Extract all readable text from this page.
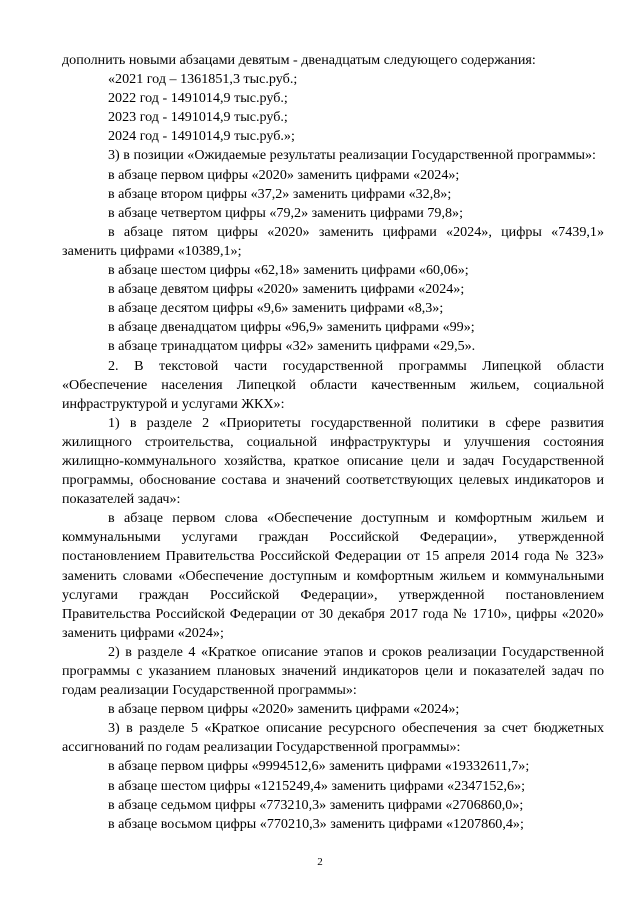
дополнить новыми абзацами девятым - двенадцатым следующего содержания:

«2021 год – 1361851,3 тыс.руб.;

2022 год - 1491014,9 тыс.руб.;

2023 год - 1491014,9 тыс.руб.;

2024 год - 1491014,9 тыс.руб.»;

3) в позиции «Ожидаемые результаты реализации Государственной программы»:

в абзаце первом цифры «2020» заменить цифрами «2024»;

в абзаце втором цифры «37,2» заменить цифрами «32,8»;

в абзаце четвертом цифры «79,2» заменить цифрами 79,8»;

в абзаце пятом цифры «2020» заменить цифрами «2024», цифры «7439,1» заменить цифрами «10389,1»;

в абзаце шестом цифры «62,18» заменить цифрами «60,06»;

в абзаце девятом цифры «2020» заменить цифрами «2024»;

в абзаце десятом цифры «9,6» заменить цифрами «8,3»;

в абзаце двенадцатом цифры «96,9» заменить цифрами «99»;

в абзаце тринадцатом цифры «32» заменить цифрами «29,5».

2. В текстовой части государственной программы Липецкой области «Обеспечение населения Липецкой области качественным жильем, социальной инфраструктурой и услугами ЖКХ»:

1) в разделе 2 «Приоритеты государственной политики в сфере развития жилищного строительства, социальной инфраструктуры и улучшения состояния жилищно-коммунального хозяйства, краткое описание цели и задач Государственной программы, обоснование состава и значений соответствующих целевых индикаторов и показателей задач»:

в абзаце первом слова «Обеспечение доступным и комфортным жильем и коммунальными услугами граждан Российской Федерации», утвержденной постановлением Правительства Российской Федерации от 15 апреля 2014 года № 323» заменить словами «Обеспечение доступным и комфортным жильем и коммунальными услугами граждан Российской Федерации», утвержденной постановлением Правительства Российской Федерации от 30 декабря 2017 года № 1710», цифры «2020» заменить цифрами «2024»;

2) в разделе 4 «Краткое описание этапов и сроков реализации Государственной программы с указанием плановых значений индикаторов цели и показателей задач по годам реализации Государственной программы»:

в абзаце первом цифры «2020» заменить цифрами «2024»;

3) в разделе 5 «Краткое описание ресурсного обеспечения за счет бюджетных ассигнований по годам реализации Государственной программы»:

в абзаце первом цифры «9994512,6» заменить цифрами «19332611,7»;

в абзаце шестом цифры «1215249,4» заменить цифрами «2347152,6»;

в абзаце седьмом цифры «773210,3» заменить цифрами «2706860,0»;

в абзаце восьмом цифры «770210,3» заменить цифрами «1207860,4»;

2
